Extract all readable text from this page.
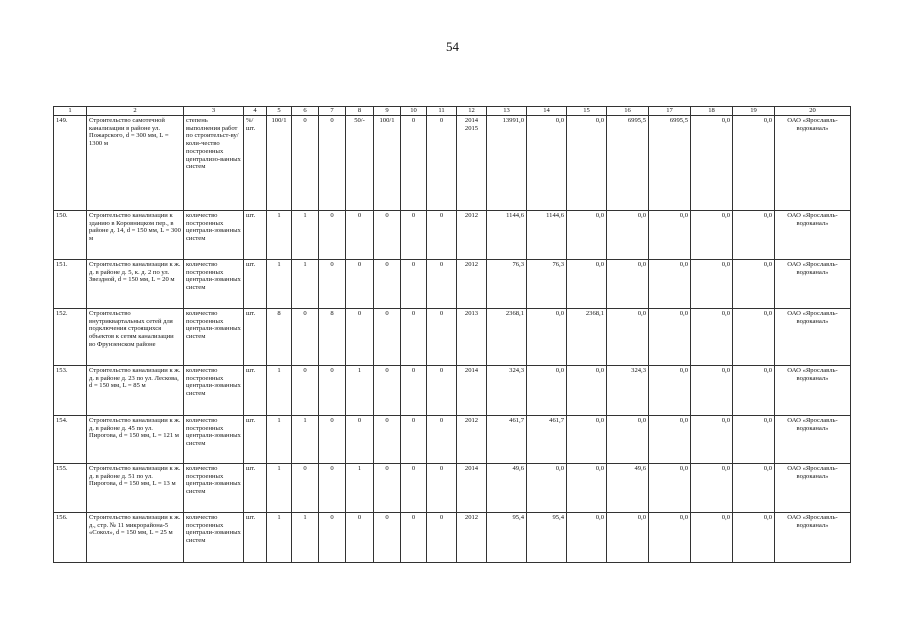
54
1	2	3	4	5	6	7	8	9	10	11	12	13	14	15	16	17	18	19	20
149.	Строительство самотечной канализации в районе ул. Пожарского, d = 300 мм, L = 1300 м	степень выполнения работ по строительст-ву/ коли-чество построенных централизо-ванных систем	%/ шт.	100/1	0	0	50/-	100/1	0	0	2014 2015	13991,0	0,0	0,0	6995,5	6995,5	0,0	0,0	ОАО «Ярославль-водоканал»
150.	Строительство канализации к зданию в Коровницком пер., в районе д. 14, d = 150 мм, L = 300 м	количество построенных централи-зованных систем	шт.	1	1	0	0	0	0	0	2012	1144,6	1144,6	0,0	0,0	0,0	0,0	0,0	ОАО «Ярославль-водоканал»
151.	Строительство канализации к ж. д. в районе д. 5, к. д. 2 по ул. Звездной, d = 150 мм, L = 20 м	количество построенных централи-зованных систем	шт.	1	1	0	0	0	0	0	2012	76,3	76,3	0,0	0,0	0,0	0,0	0,0	ОАО «Ярославль-водоканал»
152.	Строительство внутриквартальных сетей для подключения строящихся объектов к сетям канализации во Фрунзенском районе	количество построенных централи-зованных систем	шт.	8	0	8	0	0	0	0	2013	2368,1	0,0	2368,1	0,0	0,0	0,0	0,0	ОАО «Ярославль-водоканал»
153.	Строительство канализации к ж. д. в районе д. 23 по ул. Лескова, d = 150 мм, L = 85 м	количество построенных централи-зованных систем	шт.	1	0	0	1	0	0	0	2014	324,3	0,0	0,0	324,3	0,0	0,0	0,0	ОАО «Ярославль-водоканал»
154.	Строительство канализации к ж. д. в районе д. 45 по ул. Пирогова, d = 150 мм, L = 121 м	количество построенных централи-зованных систем	шт.	1	1	0	0	0	0	0	2012	461,7	461,7	0,0	0,0	0,0	0,0	0,0	ОАО «Ярославль-водоканал»
155.	Строительство канализации к ж. д. в районе д. 51 по ул. Пирогова, d = 150 мм, L = 13 м	количество построенных централи-зованных систем	шт.	1	0	0	1	0	0	0	2014	49,6	0,0	0,0	49,6	0,0	0,0	0,0	ОАО «Ярославль-водоканал»
156.	Строительство канализации к ж. д., стр. № 11 микрорайона-5 «Сокол», d = 150 мм, L = 25 м	количество построенных централи-зованных систем	шт.	1	1	0	0	0	0	0	2012	95,4	95,4	0,0	0,0	0,0	0,0	0,0	ОАО «Ярославль-водоканал»
